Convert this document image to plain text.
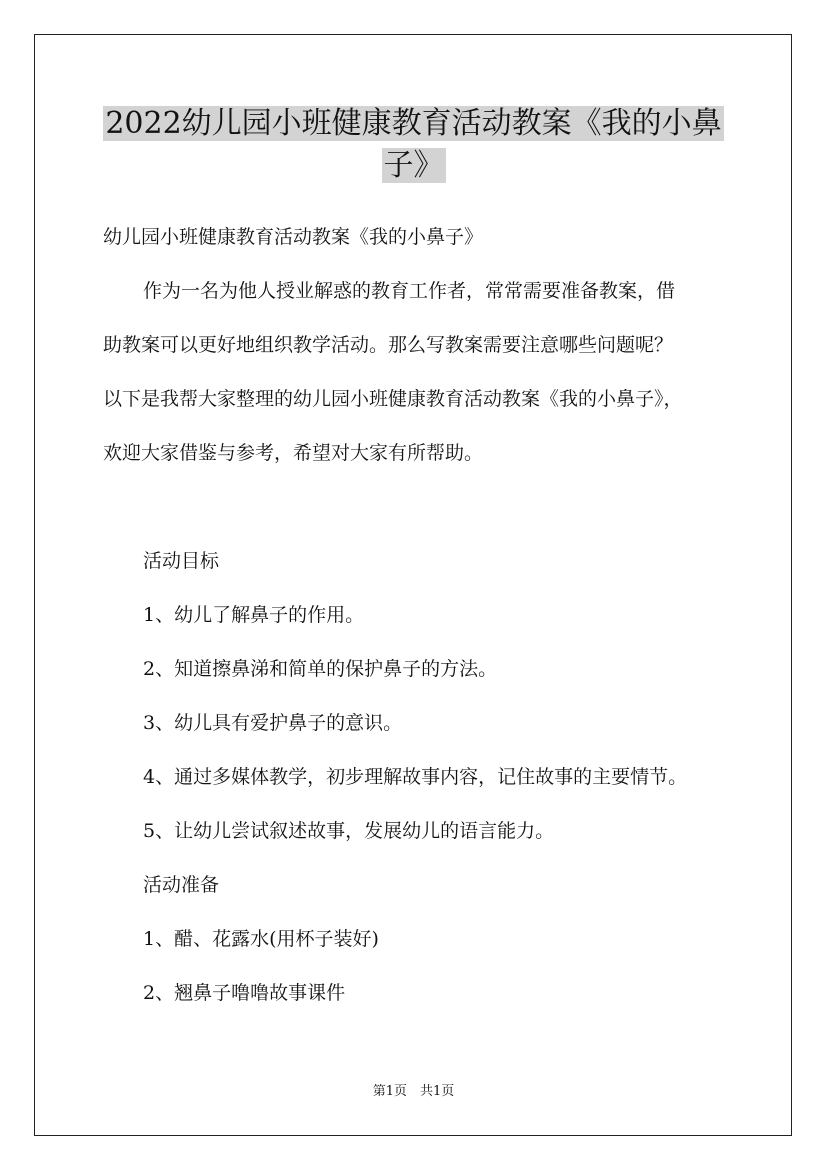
2022幼儿园小班健康教育活动教案《我的小鼻
子》

幼儿园小班健康教育活动教案《我的小鼻子》

作为一名为他人授业解惑的教育工作者，常常需要准备教案，借

助教案可以更好地组织教学活动。那么写教案需要注意哪些问题呢？

以下是我帮大家整理的幼儿园小班健康教育活动教案《我的小鼻子》，

欢迎大家借鉴与参考，希望对大家有所帮助。

活动目标

1、幼儿了解鼻子的作用。

2、知道擦鼻涕和简单的保护鼻子的方法。

3、幼儿具有爱护鼻子的意识。

4、通过多媒体教学，初步理解故事内容，记住故事的主要情节。

5、让幼儿尝试叙述故事，发展幼儿的语言能力。

活动准备

1、醋、花露水(用杯子装好)

2、翘鼻子噜噜故事课件

第1页　共1页
